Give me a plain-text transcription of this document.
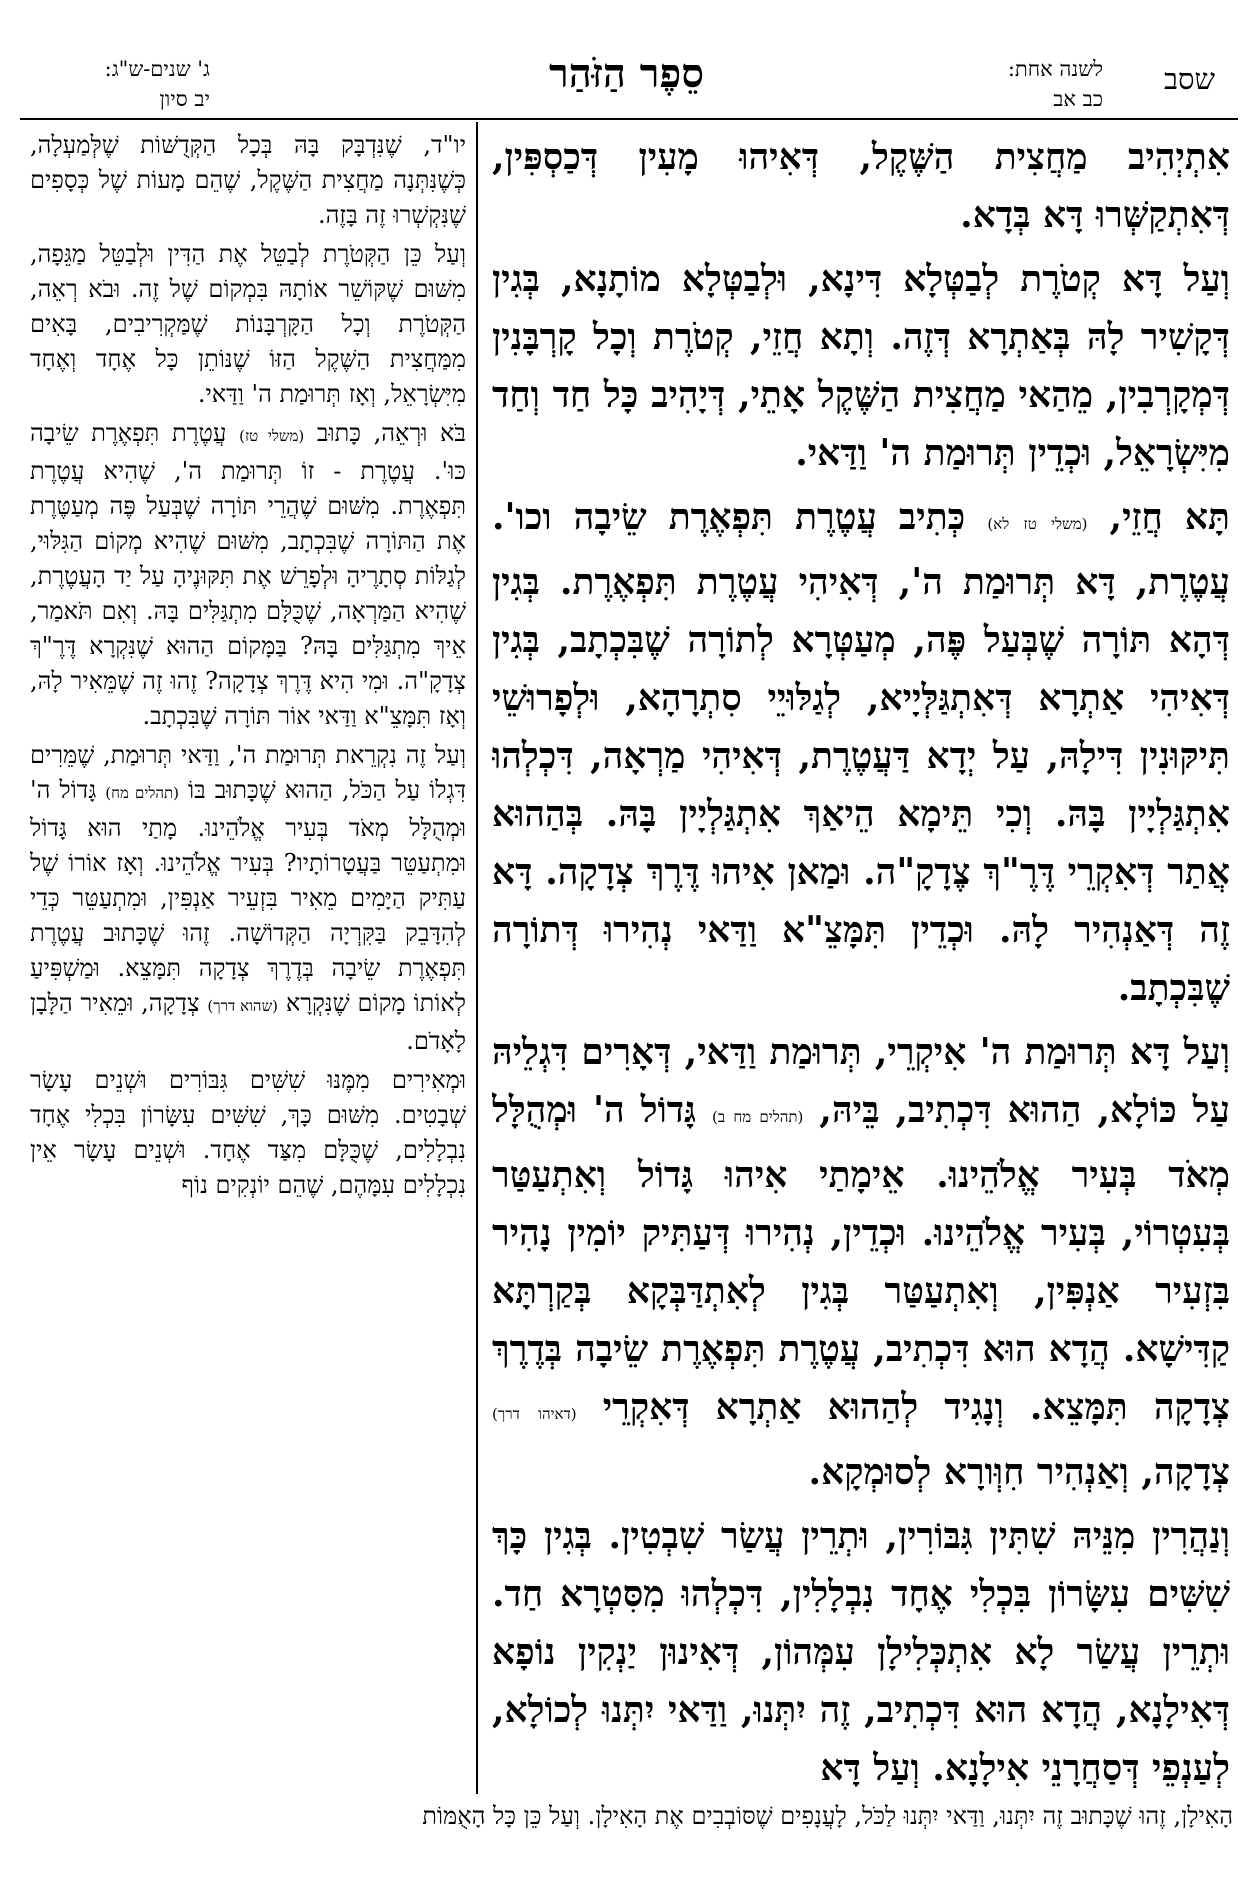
שסב
לשנה אחת:
כב אב
סֵפֶר הַזֹּהַר
ג' שנים-ש"ג:
יב סיון

אִתְיְהִיב מַחֲצִית הַשֶּׁקֶל, דְּאִיהוּ מָעִין דְּכַסְפִּין, דְּאִתְקַשְּׁרוּ דָּא בְּדָא.

וְעַל דָּא קְטֹרֶת לְבַטְּלָא דִּינָא, וּלְבַטְּלָא מוֹתָנָא, בְּגִין דְּקָשִׁיר לָהּ בְּאַתְרָא דְּזֶה. וְתָא חֲזֵי, קְטֹרֶת וְכָל קָרְבָּנִין דְּמְקָרְבִין, מֵהַאי מַחֲצִית הַשֶּׁקֶל אָתֵי, דְּיָהִיב כָּל חַד וְחַד מִיִּשְׂרָאֵל, וּכְדֵין תְּרוּמַת ה' וַדַּאי.

תָּא חֲזֵי, (משלי טז לא) כְּתִיב עֲטֶרֶת תִּפְאֶרֶת שֵׂיבָה וכו'. עֲטֶרֶת, דָּא תְּרוּמַת ה', דְּאִיהִי עֲטֶרֶת תִּפְאֶרֶת. בְּגִין דְּהָא תּוֹרָה שֶׁבְּעַל פֶּה, מְעַטְּרָא לְתוֹרָה שֶׁבִּכְתָב, בְּגִין דְּאִיהִי אַתְרָא דְּאִתְגַּלְּיָיא, לְגַלּוּיֵי סִתְרָהָא, וּלְפָרוּשֵׁי תִּיקּוּנִין דִּילָהּ, עַל יְדָא דַּעֲטֶרֶת, דְּאִיהִי מַרְאָה, דִּכְלְהוּ אִתְגַּלְיָין בָּהּ. וְכִי תֵּימָא הֵיאַךְ אִתְגַּלְיָין בָּהּ. בְּהַהוּא אֲתַר דְּאִקְרֵי דֶּרֶ"ךְ צֶדָקָ"ה. וּמַאן אִיהוּ דֶּרֶךְ צְדָקָה. דָּא זֶה דְּאַנְהִיר לָהּ. וּכְדֵין תִּמָּצֵ"א וַדַּאי נְהִירוּ דְּתוֹרָה שֶׁבִּכְתָב.

וְעַל דָּא תְּרוּמַת ה' אִיקְרֵי, תְּרוּמַת וַדַּאי, דְּאָרִים דִּגְלֵיהּ עַל כּוֹלָא, הַהוּא דִּכְתִיב, בֵּיהּ, (תהלים מח ב) גָּדוֹל ה' וּמְהֻלָּל מְאֹד בְּעִיר אֱלֹהֵינוּ. אֵימָתַי אִיהוּ גָּדוֹל וְאִתְעַטַּר בְּעִטְרוֹי, בְּעִיר אֱלֹהֵינוּ. וּכְדֵין, נְהִירוּ דְּעַתִּיק יוֹמִין נָהִיר בִּזְעִיר אַנְפִּין, וְאִתְעַטַּר בְּגִין לְאִתְדַּבְּקָא בְּקַרְתָּא קַדִּישָׁא. הֲדָא הוּא דִּכְתִיב, עֲטֶרֶת תִּפְאֶרֶת שֵׂיבָה בְּדֶרֶךְ צְדָקָה תִּמָּצֵא. וְנָגִיד לְהַהוּא אַתְרָא דְּאִקְרֵי (דאיהו דרך) צְדָקָה, וְאַנְהִיר חִוְּורָא לְסוּמְקָא.

וְנַהֲרִין מִנֵּיהּ שִׁתִּין גִּבּוֹרִין, וּתְרֵין עֲשַׂר שִׁבְטִין. בְּגִין כָּךְ שִׁשִּׁים עִשָּׂרוֹן בִּכְלִי אֶחָד נִבְלָלִין, דִּכְלְהוּ מִסִּטְרָא חַד. וּתְרֵין עֲשַׂר לָא אִתְכְּלִילָן עִמְּהוֹן, דְּאִינוּן יַנְקִין נוֹפָא דְּאִילָנָא, הֲדָא הוּא דִּכְתִיב, זֶה יִתְּנוּ, וַדַּאי יִתְּנוּ לְכוֹלָא, לְעַנְפֵי דְּסַחֲרָנֵי אִילָנָא. וְעַל דָּא

יו"ד, שֶׁנִּדְבָּק בָּהּ בְּכָל הַקְּדֻשּׁוֹת שֶׁלְּמַעְלָה, כְּשֶׁנִּתְּנָה מַחֲצִית הַשֶּׁקֶל, שֶׁהֵם מָעוֹת שֶׁל כְּסָפִים שֶׁנִּקְשְׁרוּ זֶה בָּזֶה.

וְעַל כֵּן הַקְּטֹרֶת לְבַטֵּל אֶת הַדִּין וּלְבַטֵּל מַגֵּפָה, מִשּׁוּם שֶׁקּוֹשֵׁר אוֹתָהּ בִּמְקוֹם שֶׁל זֶה. וּבֹא רְאֵה, הַקְּטֹרֶת וְכָל הַקָּרְבָּנוֹת שֶׁמַּקְרִיבִים, בָּאִים מִמַּחֲצִית הַשֶּׁקֶל הַזּוֹ שֶׁנּוֹתֵן כָּל אֶחָד וְאֶחָד מִיִּשְׂרָאֵל, וְאָז תְּרוּמַת ה' וַדַּאי.

בֹּא וּרְאֵה, כָּתוּב (משלי טז) עֲטֶרֶת תִּפְאֶרֶת שֵׂיבָה כּוּ'. עֲטֶרֶת - זוֹ תְּרוּמַת ה', שֶׁהִיא עֲטֶרֶת תִּפְאֶרֶת. מִשּׁוּם שֶׁהֲרֵי תּוֹרָה שֶׁבְּעַל פֶּה מְעַטֶּרֶת אֶת הַתּוֹרָה שֶׁבִּכְתָב, מִשּׁוּם שֶׁהִיא מְקוֹם הַגִּלּוּי, לְגַלּוֹת סְתָרֶיהָ וּלְפָרֵשׁ אֶת תִּקּוּנֶיהָ עַל יַד הָעֲטֶרֶת, שֶׁהִיא הַמַּרְאָה, שֶׁכֻּלָּם מִתְגַּלִּים בָּהּ. וְאִם תֹּאמַר, אֵיךְ מִתְגַּלִּים בָּהּ? בַּמָּקוֹם הַהוּא שֶׁנִּקְרָא דֶּרֶ"ךְ צְדָקָ"ה. וּמִי הִיא דֶּרֶךְ צְדָקָה? זֶהוּ זֶה שֶׁמֵּאִיר לָהּ, וְאָז תִּמָּצֵ"א וַדַּאי אוֹר תּוֹרָה שֶׁבִּכְתָב.

וְעַל זֶה נִקְרֵאת תְּרוּמַת ה', וַדַּאי תְּרוּמַת, שֶׁמֵּרִים דִּגְלוֹ עַל הַכֹּל, הַהוּא שֶׁכָּתוּב בּוֹ (תהלים מח) גָּדוֹל ה' וּמְהֻלָּל מְאֹד בְּעִיר אֱלֹהֵינוּ. מָתַי הוּא גָּדוֹל וּמִתְעַטֵּר בַּעֲטָרוֹתָיו? בְּעִיר אֱלֹהֵינוּ. וְאָז אוֹרוֹ שֶׁל עַתִּיק הַיָּמִים מֵאִיר בִּזְעֵיר אַנְפִּין, וּמִתְעַטֵּר כְּדֵי לְהִדָּבֵק בַּקִּרְיָה הַקְּדוֹשָׁה. זֶהוּ שֶׁכָּתוּב עֲטֶרֶת תִּפְאֶרֶת שֵׂיבָה בְּדֶרֶךְ צְדָקָה תִּמָּצֵא. וּמַשְׁפִּיעַ לְאוֹתוֹ מָקוֹם שֶׁנִּקְרָא (שהוא דרך) צְדָקָה, וּמֵאִיר הַלָּבָן לָאָדֹם.

וּמְאִירִים מִמֶּנּוּ שִׁשִּׁים גִּבּוֹרִים וּשְׁנֵים עָשָׂר שְׁבָטִים. מִשּׁוּם כָּךְ, שִׁשִּׁים עִשָּׂרוֹן בִּכְלִי אֶחָד נִבְלָלִים, שֶׁכֻּלָּם מִצַּד אֶחָד. וּשְׁנֵים עָשָׂר אֵין נִכְלָלִים עִמָּהֶם, שֶׁהֵם יוֹנְקִים נוֹף

הָאִילָן, זֶהוּ שֶׁכָּתוּב זֶה יִתְּנוּ, וַדַּאי יִתְּנוּ לַכֹּל, לָעֲנָפִים שֶׁסּוֹבְבִים אֶת הָאִילָן. וְעַל כֵּן כָּל הָאֻמּוֹת
